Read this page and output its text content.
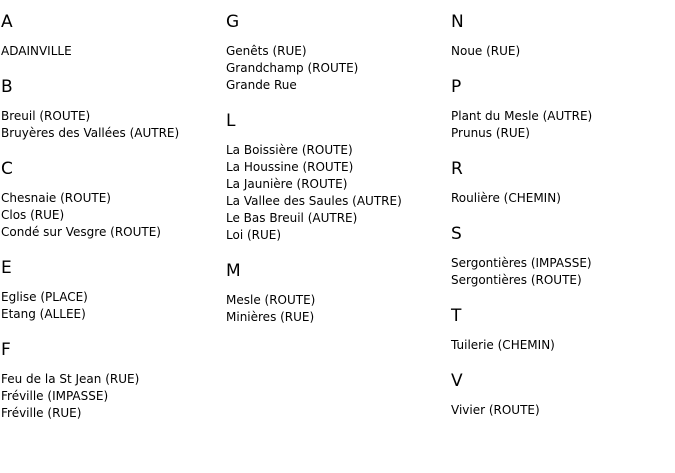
A
ADAINVILLE
B
Breuil (ROUTE)
Bruyères des Vallées (AUTRE)
C
Chesnaie (ROUTE)
Clos (RUE)
Condé sur Vesgre (ROUTE)
E
Eglise (PLACE)
Etang (ALLEE)
F
Feu de la St Jean (RUE)
Fréville (IMPASSE)
Fréville (RUE)
G
Genêts (RUE)
Grandchamp (ROUTE)
Grande Rue
L
La Boissière (ROUTE)
La Houssine (ROUTE)
La Jaunière (ROUTE)
La Vallee des Saules (AUTRE)
Le Bas Breuil (AUTRE)
Loi (RUE)
M
Mesle (ROUTE)
Minières (RUE)
N
Noue (RUE)
P
Plant du Mesle (AUTRE)
Prunus (RUE)
R
Roulière (CHEMIN)
S
Sergontières (IMPASSE)
Sergontières (ROUTE)
T
Tuilerie (CHEMIN)
V
Vivier (ROUTE)
